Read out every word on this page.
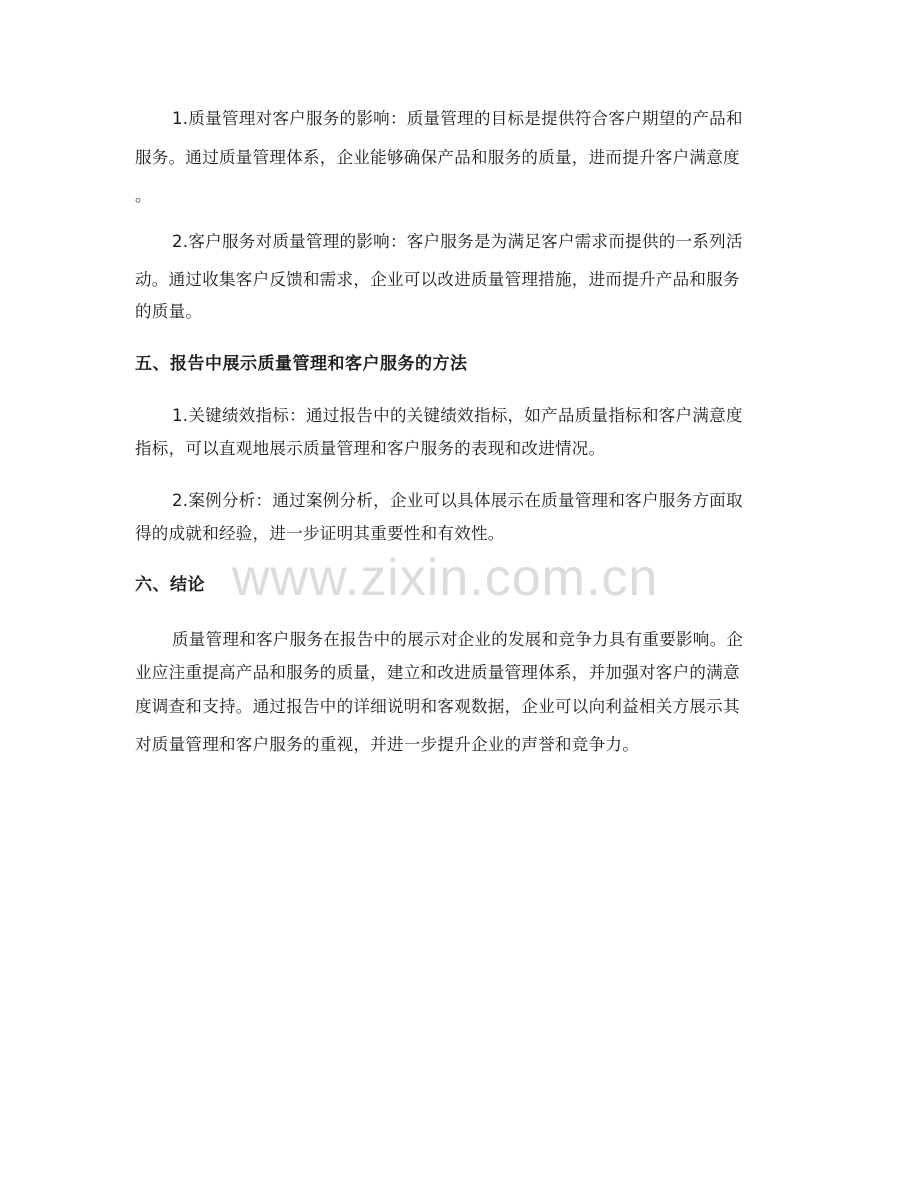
1.质量管理对客户服务的影响：质量管理的目标是提供符合客户期望的产品和
服务。通过质量管理体系，企业能够确保产品和服务的质量，进而提升客户满意度
。
2.客户服务对质量管理的影响：客户服务是为满足客户需求而提供的一系列活
动。通过收集客户反馈和需求，企业可以改进质量管理措施，进而提升产品和服务
的质量。
五、报告中展示质量管理和客户服务的方法
1.关键绩效指标：通过报告中的关键绩效指标，如产品质量指标和客户满意度
指标，可以直观地展示质量管理和客户服务的表现和改进情况。
2.案例分析：通过案例分析，企业可以具体展示在质量管理和客户服务方面取
得的成就和经验，进一步证明其重要性和有效性。
www.zixin.com.cn
六、结论
质量管理和客户服务在报告中的展示对企业的发展和竞争力具有重要影响。企
业应注重提高产品和服务的质量，建立和改进质量管理体系，并加强对客户的满意
度调查和支持。通过报告中的详细说明和客观数据，企业可以向利益相关方展示其
对质量管理和客户服务的重视，并进一步提升企业的声誉和竞争力。
